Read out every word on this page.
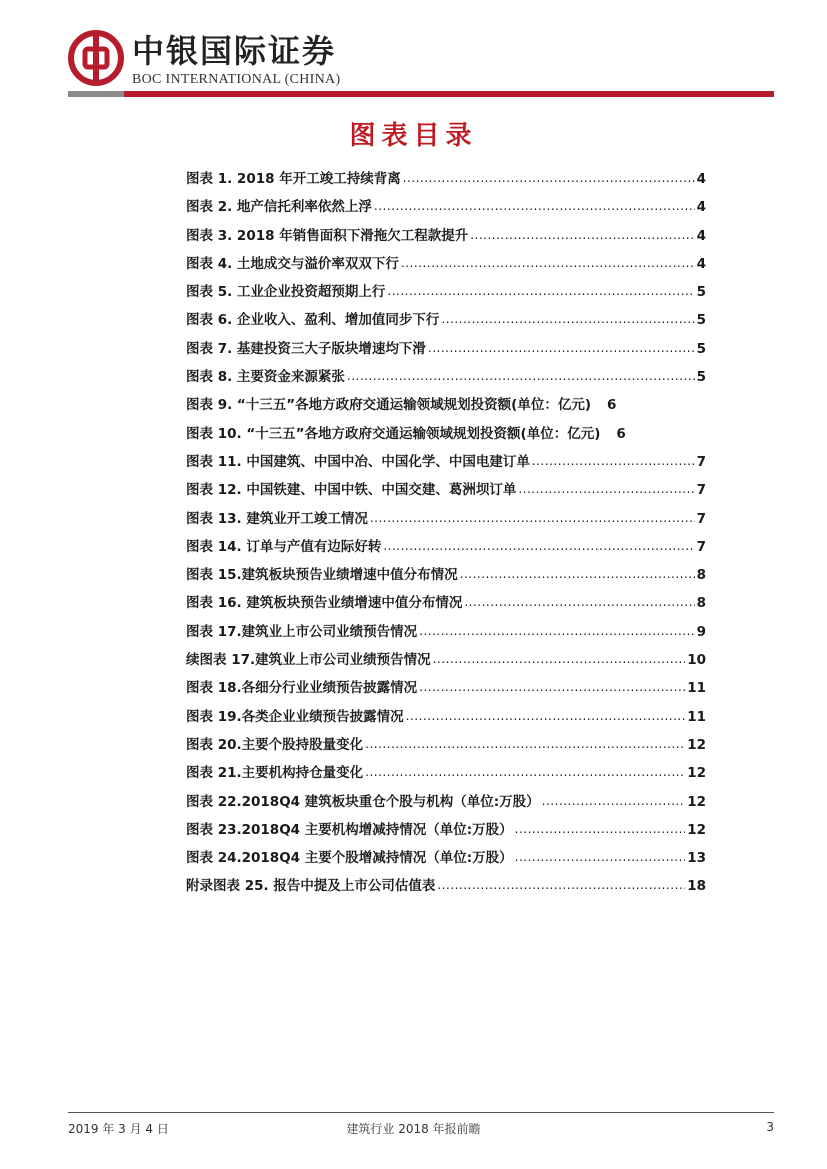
中银国际证券
BOC INTERNATIONAL (CHINA)
图表目录
图表 1. 2018 年开工竣工持续背离 .....	4
图表 2. 地产信托利率依然上浮 .....	4
图表 3. 2018 年销售面积下滑拖欠工程款提升 .....	4
图表 4. 土地成交与溢价率双双下行 .....	4
图表 5. 工业企业投资超预期上行 .....	5
图表 6. 企业收入、盈利、增加值同步下行 .....	5
图表 7. 基建投资三大子版块增速均下滑 .....	5
图表 8. 主要资金来源紧张 .....	5
图表 9. “十三五”各地方政府交通运输领域规划投资额(单位：亿元) 6
图表 10. “十三五”各地方政府交通运输领域规划投资额(单位：亿元) 6
图表 11. 中国建筑、中国中冶、中国化学、中国电建订单 .....	7
图表 12. 中国铁建、中国中铁、中国交建、葛洲坝订单 .....	7
图表 13. 建筑业开工竣工情况 .....	7
图表 14. 订单与产值有边际好转 .....	7
图表 15.建筑板块预告业绩增速中值分布情况 .....	8
图表 16. 建筑板块预告业绩增速中值分布情况 .....	8
图表 17.建筑业上市公司业绩预告情况 .....	9
续图表 17.建筑业上市公司业绩预告情况 .....	10
图表 18.各细分行业业绩预告披露情况 .....	11
图表 19.各类企业业绩预告披露情况 .....	11
图表 20.主要个股持股量变化 .....	12
图表 21.主要机构持仓量变化 .....	12
图表 22.2018Q4 建筑板块重仓个股与机构（单位:万股） .....	12
图表 23.2018Q4 主要机构增减持情况（单位:万股） .....	12
图表 24.2018Q4 主要个股增减持情况（单位:万股） .....	13
附录图表 25. 报告中提及上市公司估值表 .....	18
2019 年 3 月 4 日	建筑行业 2018 年报前瞻	3
